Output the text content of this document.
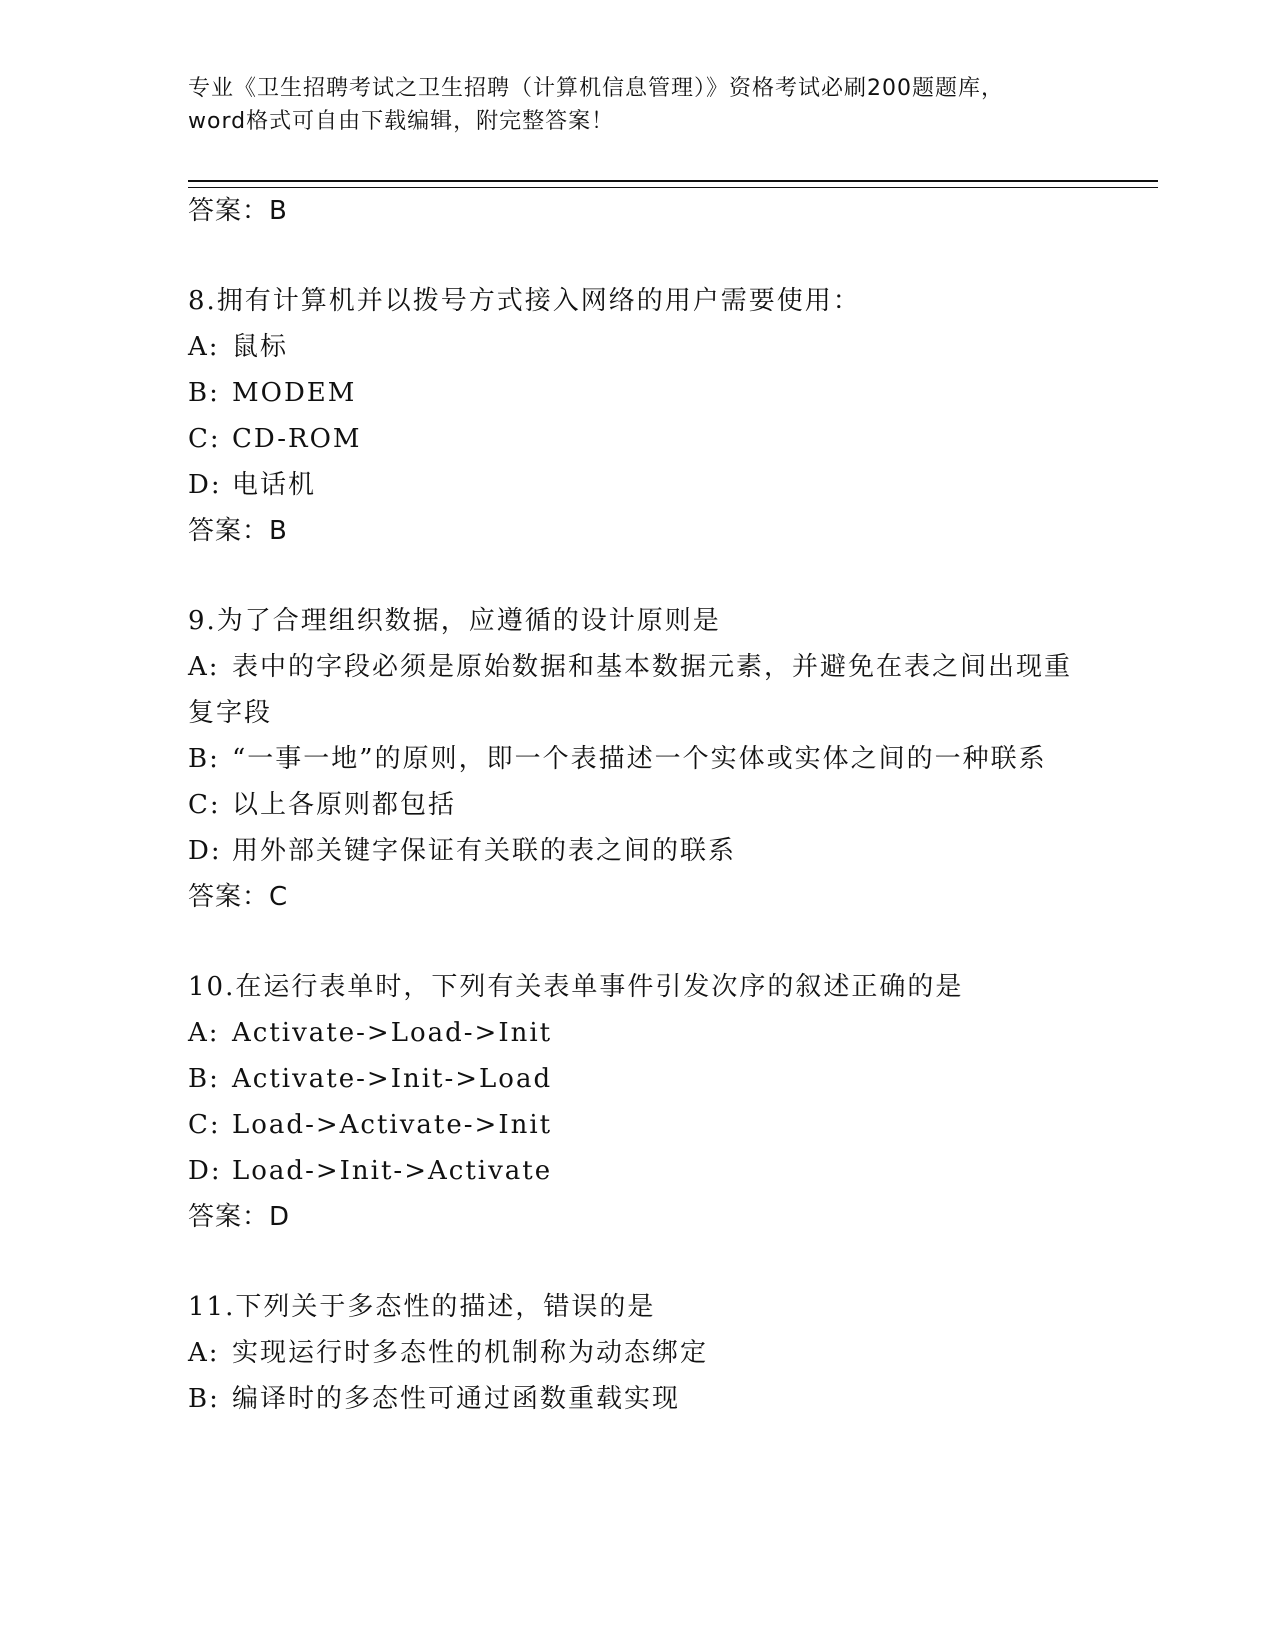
专业《卫生招聘考试之卫生招聘（计算机信息管理）》资格考试必刷200题题库，
word格式可自由下载编辑，附完整答案！
答案：B
8.拥有计算机并以拨号方式接入网络的用户需要使用：
A: 鼠标
B: MODEM
C: CD-ROM
D: 电话机
答案：B
9.为了合理组织数据，应遵循的设计原则是
A: 表中的字段必须是原始数据和基本数据元素，并避免在表之间出现重复字段
B: “一事一地”的原则，即一个表描述一个实体或实体之间的一种联系
C: 以上各原则都包括
D: 用外部关键字保证有关联的表之间的联系
答案：C
10.在运行表单时，下列有关表单事件引发次序的叙述正确的是
A: Activate->Load->Init
B: Activate->Init->Load
C: Load->Activate->Init
D: Load->Init->Activate
答案：D
11.下列关于多态性的描述，错误的是
A: 实现运行时多态性的机制称为动态绑定
B: 编译时的多态性可通过函数重载实现
